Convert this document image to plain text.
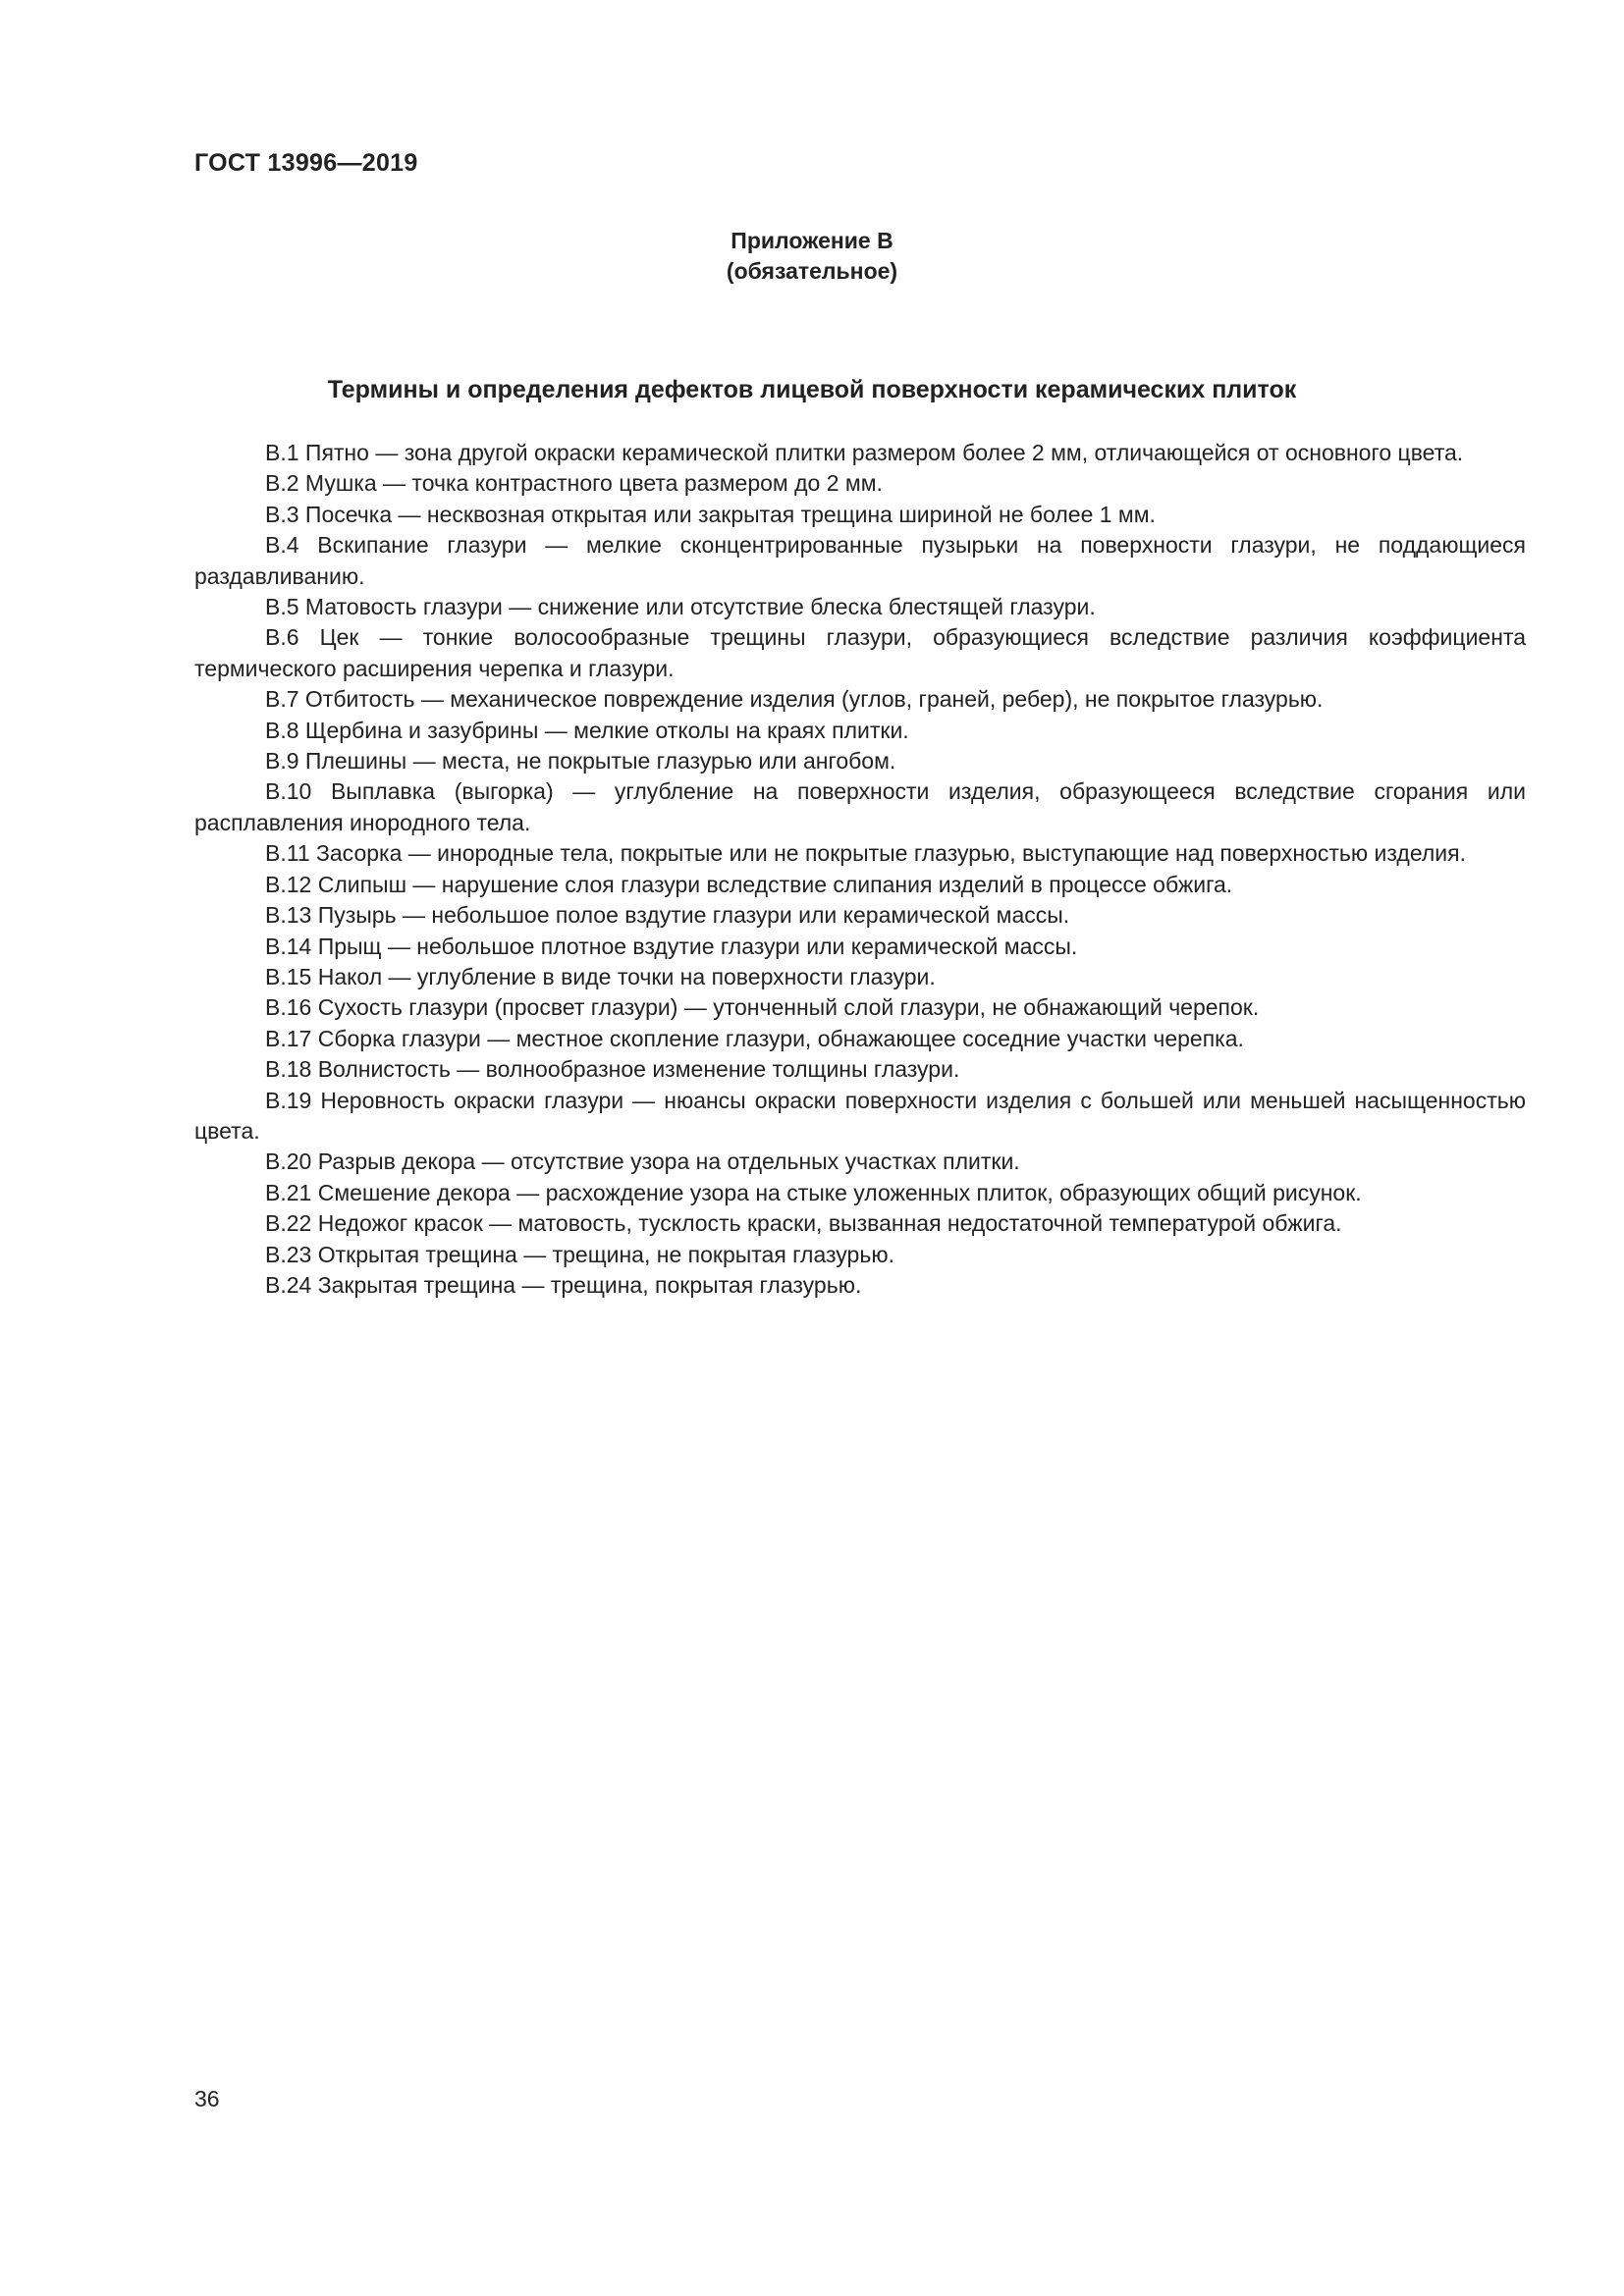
ГОСТ 13996—2019
Приложение В
(обязательное)
Термины и определения дефектов лицевой поверхности керамических плиток

В.1 Пятно — зона другой окраски керамической плитки размером более 2 мм, отличающейся от основного цвета.

В.2 Мушка — точка контрастного цвета размером до 2 мм.

В.3 Посечка — несквозная открытая или закрытая трещина шириной не более 1 мм.

В.4 Вскипание глазури — мелкие сконцентрированные пузырьки на поверхности глазури, не поддающиеся раздавливанию.

В.5 Матовость глазури — снижение или отсутствие блеска блестящей глазури.

В.6 Цек — тонкие волосообразные трещины глазури, образующиеся вследствие различия коэффициента термического расширения черепка и глазури.

В.7 Отбитость — механическое повреждение изделия (углов, граней, ребер), не покрытое глазурью.

В.8 Щербина и зазубрины — мелкие отколы на краях плитки.

В.9 Плешины — места, не покрытые глазурью или ангобом.

В.10 Выплавка (выгорка) — углубление на поверхности изделия, образующееся вследствие сгорания или расплавления инородного тела.

В.11 Засорка — инородные тела, покрытые или не покрытые глазурью, выступающие над поверхностью изделия.

В.12 Слипыш — нарушение слоя глазури вследствие слипания изделий в процессе обжига.

В.13 Пузырь — небольшое полое вздутие глазури или керамической массы.

В.14 Прыщ — небольшое плотное вздутие глазури или керамической массы.

В.15 Накол — углубление в виде точки на поверхности глазури.

В.16 Сухость глазури (просвет глазури) — утонченный слой глазури, не обнажающий черепок.

В.17 Сборка глазури — местное скопление глазури, обнажающее соседние участки черепка.

В.18 Волнистость — волнообразное изменение толщины глазури.

В.19 Неровность окраски глазури — нюансы окраски поверхности изделия с большей или меньшей насыщенностью цвета.

В.20 Разрыв декора — отсутствие узора на отдельных участках плитки.

В.21 Смешение декора — расхождение узора на стыке уложенных плиток, образующих общий рисунок.

В.22 Недожог красок — матовость, тусклость краски, вызванная недостаточной температурой обжига.

В.23 Открытая трещина — трещина, не покрытая глазурью.

В.24 Закрытая трещина — трещина, покрытая глазурью.

36
